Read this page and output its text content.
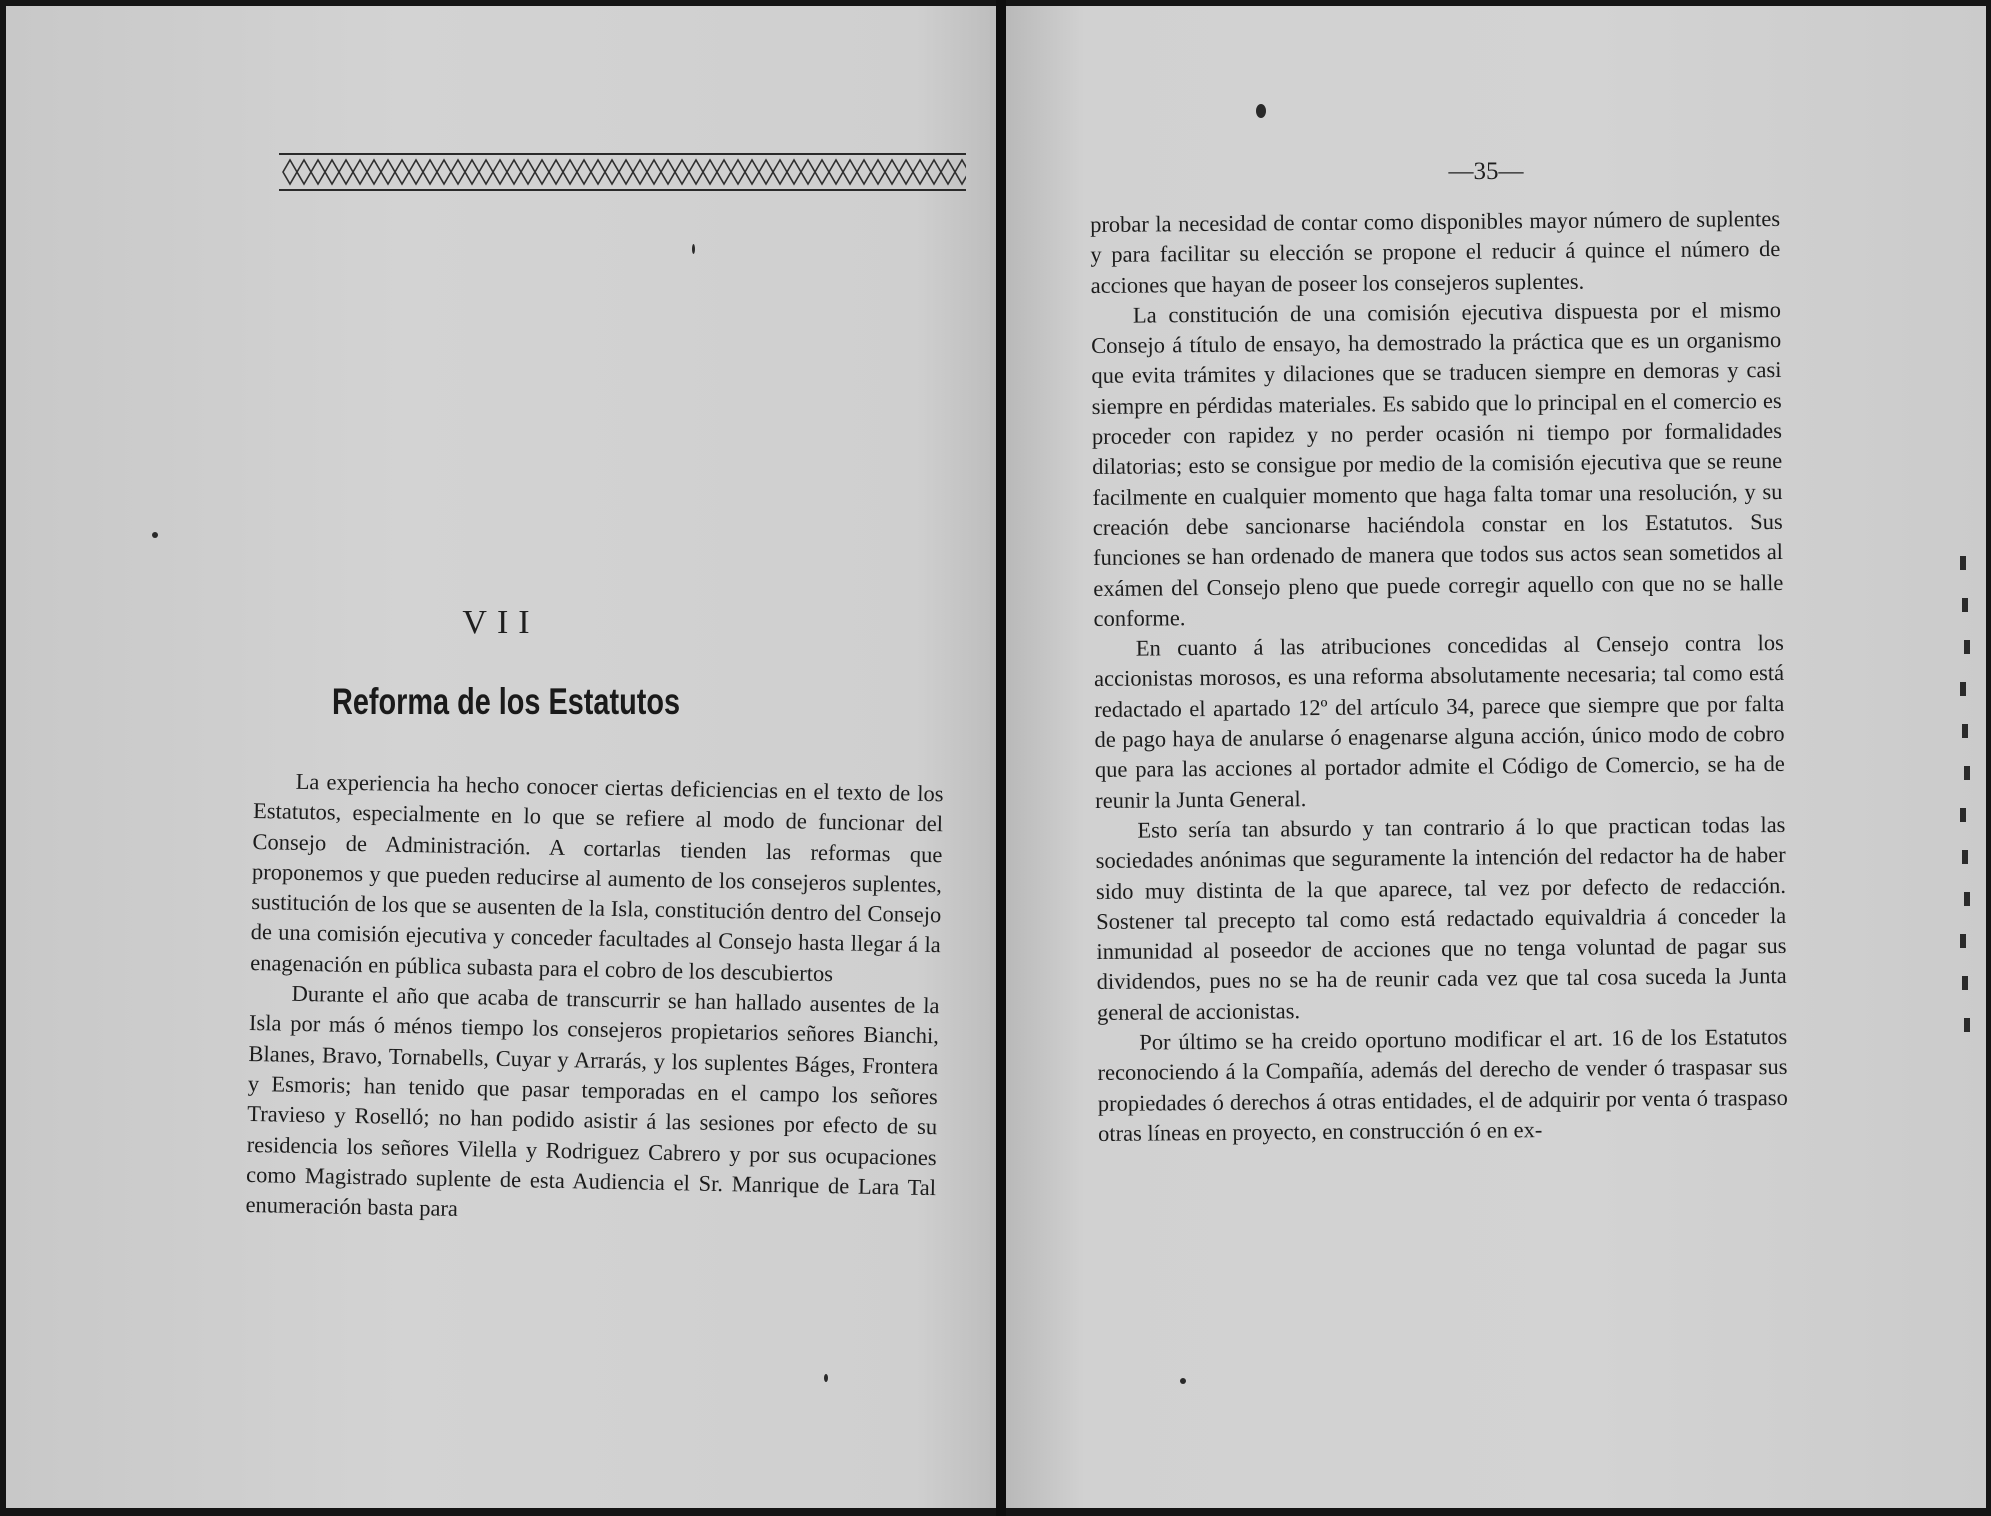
VII
Reforma de los Estatutos

La experiencia ha hecho conocer ciertas deficiencias en el texto de los Estatutos, especialmente en lo que se refiere al modo de funcionar del Consejo de Administración. A cortarlas tienden las reformas que proponemos y que pueden reducirse al aumento de los consejeros suplentes, sustitución de los que se ausenten de la Isla, constitución dentro del Consejo de una comisión ejecutiva y conceder facultades al Consejo hasta llegar á la enagenación en pública subasta para el cobro de los descubiertos

Durante el año que acaba de transcurrir se han hallado ausentes de la Isla por más ó ménos tiempo los consejeros propietarios señores Bianchi, Blanes, Bravo, Tornabells, Cuyar y Arrarás, y los suplentes Báges, Frontera y Esmoris; han tenido que pasar temporadas en el campo los señores Travieso y Roselló; no han podido asistir á las sesiones por efecto de su residencia los señores Vilella y Rodriguez Cabrero y por sus ocupaciones como Magistrado suplente de esta Audiencia el Sr. Manrique de Lara Tal enumeración basta para

—35—

probar la necesidad de contar como disponibles mayor número de suplentes y para facilitar su elección se propone el reducir á quince el número de acciones que hayan de poseer los consejeros suplentes.

La constitución de una comisión ejecutiva dispuesta por el mismo Consejo á título de ensayo, ha demostrado la práctica que es un organismo que evita trámites y dilaciones que se traducen siempre en demoras y casi siempre en pérdidas materiales. Es sabido que lo principal en el comercio es proceder con rapidez y no perder ocasión ni tiempo por formalidades dilatorias; esto se consigue por medio de la comisión ejecutiva que se reune facilmente en cualquier momento que haga falta tomar una resolución, y su creación debe sancionarse haciéndola constar en los Estatutos. Sus funciones se han ordenado de manera que todos sus actos sean sometidos al exámen del Consejo pleno que puede corregir aquello con que no se halle conforme.

En cuanto á las atribuciones concedidas al Censejo contra los accionistas morosos, es una reforma absolutamente necesaria; tal como está redactado el apartado 12º del artículo 34, parece que siempre que por falta de pago haya de anularse ó enagenarse alguna acción, único modo de cobro que para las acciones al portador admite el Código de Comercio, se ha de reunir la Junta General.

Esto sería tan absurdo y tan contrario á lo que practican todas las sociedades anónimas que seguramente la intención del redactor ha de haber sido muy distinta de la que aparece, tal vez por defecto de redacción. Sostener tal precepto tal como está redactado equivaldria á conceder la inmunidad al poseedor de acciones que no tenga voluntad de pagar sus dividendos, pues no se ha de reunir cada vez que tal cosa suceda la Junta general de accionistas.

Por último se ha creido oportuno modificar el art. 16 de los Estatutos reconociendo á la Compañía, además del derecho de vender ó traspasar sus propiedades ó derechos á otras entidades, el de adquirir por venta ó traspaso otras líneas en proyecto, en construcción ó en ex-
